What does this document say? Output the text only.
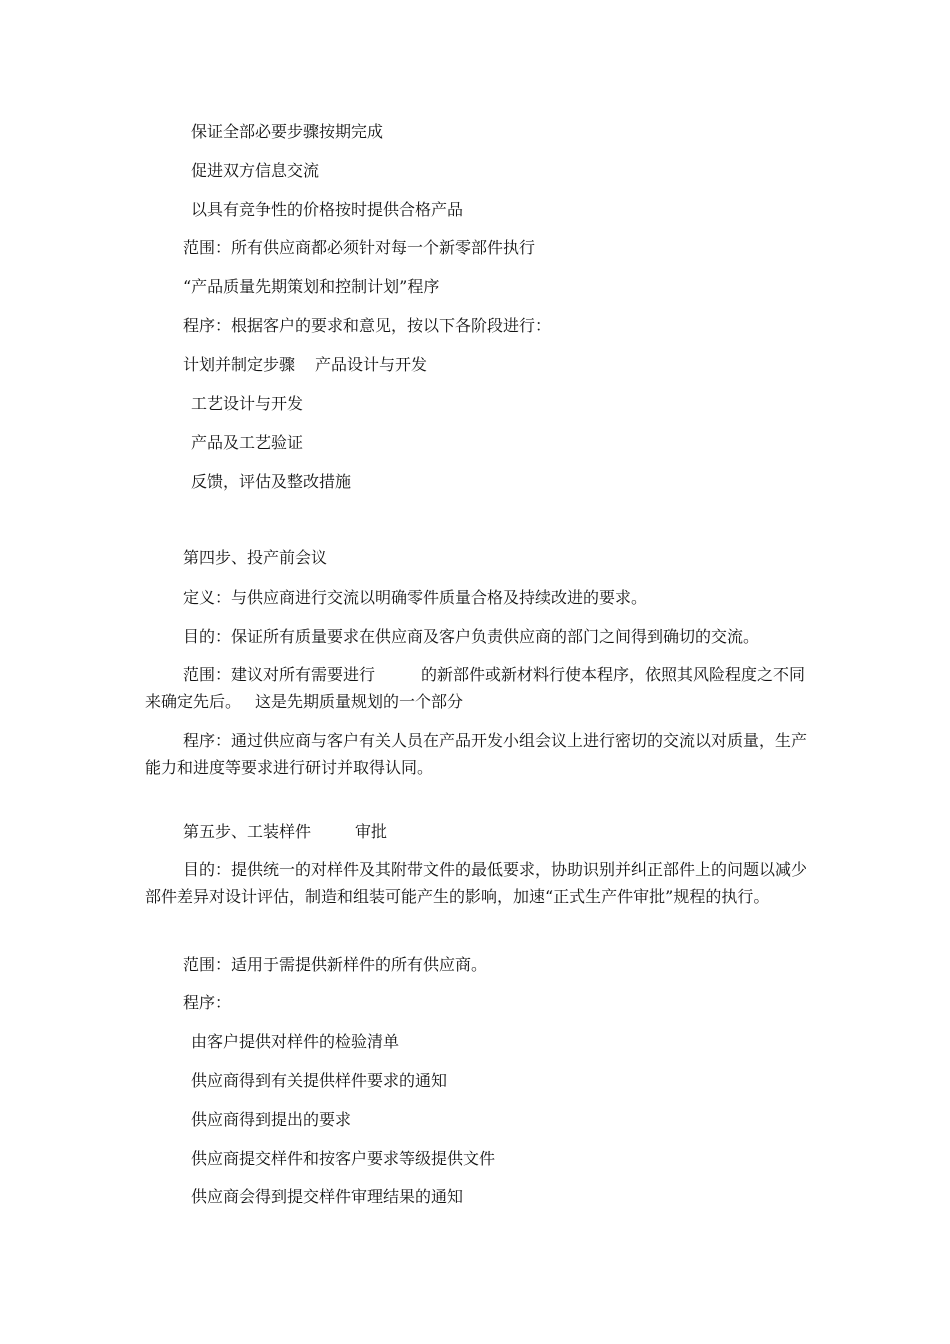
保证全部必要步骤按期完成

促进双方信息交流

以具有竞争性的价格按时提供合格产品

范围：所有供应商都必须针对每一个新零部件执行

“产品质量先期策划和控制计划”程序

程序：根据客户的要求和意见，按以下各阶段进行：

计划并制定步骤 产品设计与开发

工艺设计与开发

产品及工艺验证

反馈，评估及整改措施

第四步、投产前会议

定义：与供应商进行交流以明确零件质量合格及持续改进的要求。

目的：保证所有质量要求在供应商及客户负责供应商的部门之间得到确切的交流。

范围：建议对所有需要进行	的新部件或新材料行使本程序，依照其风险程度之不同来确定先后。 这是先期质量规划的一个部分

程序：通过供应商与客户有关人员在产品开发小组会议上进行密切的交流以对质量，生产能力和进度等要求进行研讨并取得认同。

第五步、工装样件	审批

目的：提供统一的对样件及其附带文件的最低要求，协助识别并纠正部件上的问题以减少部件差异对设计评估，制造和组装可能产生的影响，加速“正式生产件审批”规程的执行。

范围：适用于需提供新样件的所有供应商。

程序：

由客户提供对样件的检验清单

供应商得到有关提供样件要求的通知

供应商得到提出的要求

供应商提交样件和按客户要求等级提供文件

供应商会得到提交样件审理结果的通知
